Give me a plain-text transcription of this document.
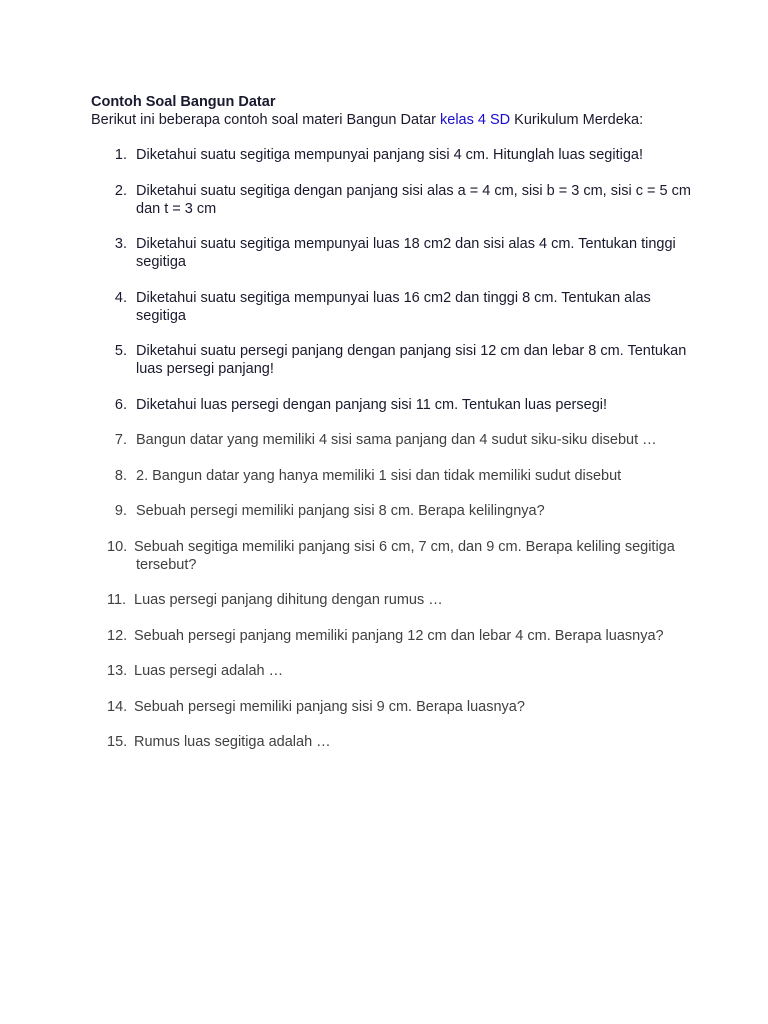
Contoh Soal Bangun Datar
Berikut ini beberapa contoh soal materi Bangun Datar kelas 4 SD Kurikulum Merdeka:
1. Diketahui suatu segitiga mempunyai panjang sisi 4 cm. Hitunglah luas segitiga!
2. Diketahui suatu segitiga dengan panjang sisi alas a = 4 cm, sisi b = 3 cm, sisi c = 5 cm dan t = 3 cm
3. Diketahui suatu segitiga mempunyai luas 18 cm2 dan sisi alas 4 cm. Tentukan tinggi segitiga
4. Diketahui suatu segitiga mempunyai luas 16 cm2 dan tinggi 8 cm. Tentukan alas segitiga
5. Diketahui suatu persegi panjang dengan panjang sisi 12 cm dan lebar 8 cm. Tentukan luas persegi panjang!
6. Diketahui luas persegi dengan panjang sisi 11 cm. Tentukan luas persegi!
7. Bangun datar yang memiliki 4 sisi sama panjang dan 4 sudut siku-siku disebut …
8. 2. Bangun datar yang hanya memiliki 1 sisi dan tidak memiliki sudut disebut
9. Sebuah persegi memiliki panjang sisi 8 cm. Berapa kelilingnya?
10. Sebuah segitiga memiliki panjang sisi 6 cm, 7 cm, dan 9 cm. Berapa keliling segitiga tersebut?
11. Luas persegi panjang dihitung dengan rumus …
12. Sebuah persegi panjang memiliki panjang 12 cm dan lebar 4 cm. Berapa luasnya?
13. Luas persegi adalah …
14. Sebuah persegi memiliki panjang sisi 9 cm. Berapa luasnya?
15. Rumus luas segitiga adalah …
